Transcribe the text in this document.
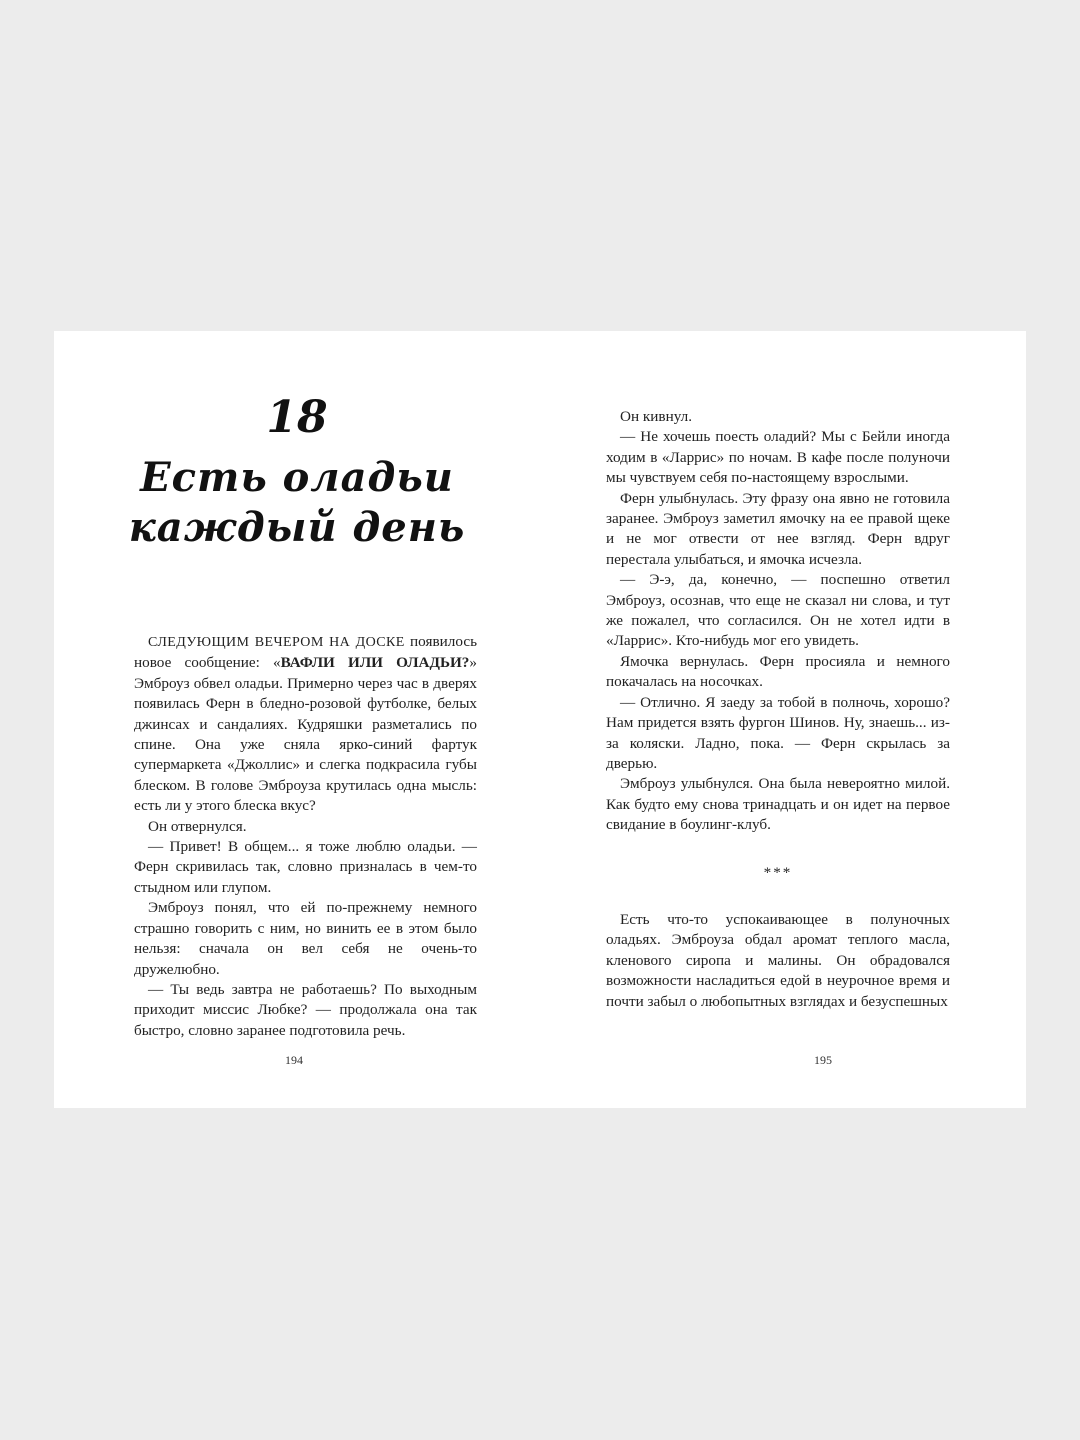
18
Есть оладьи
каждый день

СЛЕДУЮЩИМ ВЕЧЕРОМ НА ДОСКЕ появилось новое сообщение: «ВАФЛИ ИЛИ ОЛАДЬИ?» Эмброуз обвел оладьи. Примерно через час в дверях появилась Ферн в бледно-розовой футболке, белых джинсах и сандалиях. Кудряшки разметались по спине. Она уже сняла ярко-синий фартук супермаркета «Джоллис» и слегка подкрасила губы блеском. В голове Эмброуза крутилась одна мысль: есть ли у этого блеска вкус?

Он отвернулся.

— Привет! В общем... я тоже люблю оладьи. — Ферн скривилась так, словно призналась в чем-то стыдном или глупом.

Эмброуз понял, что ей по-прежнему немного страшно говорить с ним, но винить ее в этом было нельзя: сначала он вел себя не очень-то дружелюбно.

— Ты ведь завтра не работаешь? По выходным приходит миссис Любке? — продолжала она так быстро, словно заранее подготовила речь.

194

Он кивнул.

— Не хочешь поесть оладий? Мы с Бейли иногда ходим в «Ларрис» по ночам. В кафе после полуночи мы чувствуем себя по-настоящему взрослыми.

Ферн улыбнулась. Эту фразу она явно не готовила заранее. Эмброуз заметил ямочку на ее правой щеке и не мог отвести от нее взгляд. Ферн вдруг перестала улыбаться, и ямочка исчезла.

— Э-э, да, конечно, — поспешно ответил Эмброуз, осознав, что еще не сказал ни слова, и тут же пожалел, что согласился. Он не хотел идти в «Ларрис». Кто-нибудь мог его увидеть.

Ямочка вернулась. Ферн просияла и немного покачалась на носочках.

— Отлично. Я заеду за тобой в полночь, хорошо? Нам придется взять фургон Шинов. Ну, знаешь... из-за коляски. Ладно, пока. — Ферн скрылась за дверью.

Эмброуз улыбнулся. Она была невероятно милой. Как будто ему снова тринадцать и он идет на первое свидание в боулинг-клуб.

***

Есть что-то успокаивающее в полуночных оладьях. Эмброуза обдал аромат теплого масла, кленового сиропа и малины. Он обрадовался возможности насладиться едой в неурочное время и почти забыл о любопытных взглядах и безуспешных

195
